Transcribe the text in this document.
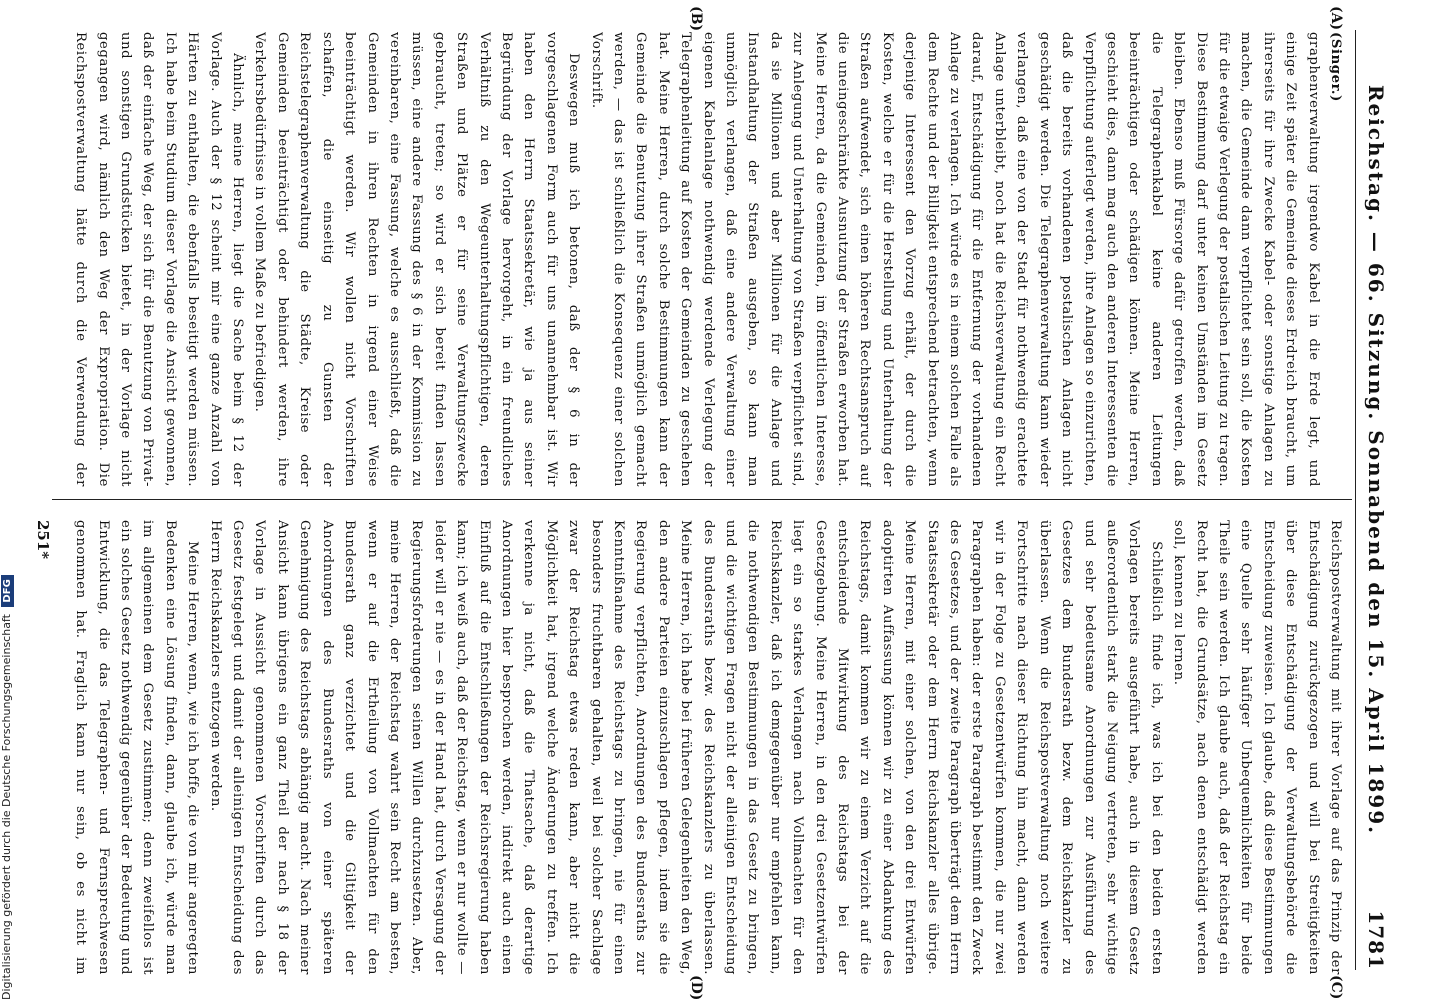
Reichstag. — 66. Sitzung. Sonnabend den 15. April 1899.
1781
(A)
(B)
(C)
(D)
(Singer.)

graphenverwaltung irgendwo Kabel in die Erde legt, und einige Zeit später die Gemeinde dieses Erdreich braucht, um ihrerseits für ihre Zwecke Kabel- oder sonstige Anlagen zu machen, die Gemeinde dann verpflichtet sein soll, die Kosten für die etwaige Verlegung der postalischen Leitung zu tragen. Diese Bestimmung darf unter keinen Umständen im Gesetz bleiben. Ebenso muß Fürsorge dafür getroffen werden, daß die Telegraphenkabel keine anderen Leitungen beeinträchtigen oder schädigen können. Meine Herren, geschieht dies, dann mag auch den anderen Interessenten die Verpflichtung auferlegt werden, ihre Anlagen so einzurichten, daß die bereits vorhandenen postalischen Anlagen nicht geschädigt werden. Die Telegraphenverwaltung kann wieder verlangen, daß eine von der Stadt für nothwendig erachtete Anlage unterbleibt, noch hat die Reichsverwaltung ein Recht darauf, Entschädigung für die Entfernung der vorhandenen Anlage zu verlangen. Ich würde es in einem solchen Falle als dem Rechte und der Billigkeit entsprechend betrachten, wenn derjenige Interessent den Vorzug erhält, der durch die Kosten, welche er für die Herstellung und Unterhaltung der Straßen aufwendet, sich einen höheren Rechtsanspruch auf die uneingeschränkte Ausnutzung der Straßen erworben hat. Meine Herren, da die Gemeinden, im öffentlichen Interesse, zur Anlegung und Unterhaltung von Straßen verpflichtet sind, da sie Millionen und aber Millionen für die Anlage und Instandhaltung der Straßen ausgeben, so kann man unmöglich verlangen, daß eine andere Verwaltung einer eigenen Kabelanlage nothwendig werdende Verlegung der Telegraphenleitung auf Kosten der Gemeinden zu geschehen hat. Meine Herren, durch solche Bestimmungen kann der Gemeinde die Benutzung ihrer Straßen unmöglich gemacht werden, — das ist schließlich die Konsequenz einer solchen Vorschrift.

Deswegen muß ich betonen, daß der § 6 in der vorgeschlagenen Form auch für uns unannehmbar ist. Wir haben den Herrn Staatssekretär, wie ja aus seiner Begründung der Vorlage hervorgeht, in ein freundliches Verhältniß zu den Wegeunterhaltungspflichtigen, deren Straßen und Plätze er für seine Verwaltungszwecke gebraucht, treten; so wird er sich bereit finden lassen müssen, eine andere Fassung des § 6 in der Kommission zu vereinbaren, eine Fassung, welche es ausschließt, daß die Gemeinden in ihren Rechten in irgend einer Weise beeinträchtigt werden. Wir wollen nicht Vorschriften schaffen, die einseitig zu Gunsten der Reichstelegraphenverwaltung die Städte, Kreise oder Gemeinden beeinträchtigt oder behindert werden, ihre Verkehrsbedürfnisse in vollem Maße zu befriedigen.

Ähnlich, meine Herren, liegt die Sache beim § 12 der Vorlage. Auch der § 12 scheint mir eine ganze Anzahl von Härten zu enthalten, die ebenfalls beseitigt werden müssen. Ich habe beim Studium dieser Vorlage die Ansicht gewonnen, daß der einfache Weg, der sich für die Benutzung von Privat- und sonstigen Grundstücken bietet, in der Vorlage nicht gegangen wird, nämlich den Weg der Expropriation. Die Reichspostverwaltung hätte durch die Verwendung der

Reichspostverwaltung mit ihrer Vorlage auf das Prinzip der Entschädigung zurückgezogen und will bei Streitigkeiten über diese Entschädigung der Verwaltungsbehörde die Entscheidung zuweisen. Ich glaube, daß diese Bestimmungen eine Quelle sehr häufiger Unbequemlichkeiten für beide Theile sein werden. Ich glaube auch, daß der Reichstag ein Recht hat, die Grundsätze, nach denen entschädigt werden soll, kennen zu lernen.

Schließlich finde ich, was ich bei den beiden ersten Vorlagen bereits ausgeführt habe, auch in diesem Gesetz außerordentlich stark die Neigung vertreten, sehr wichtige und sehr bedeutsame Anordnungen zur Ausführung des Gesetzes dem Bundesrath bezw. dem Reichskanzler zu überlassen. Wenn die Reichspostverwaltung noch weitere Fortschritte nach dieser Richtung hin macht, dann werden wir in der Folge zu Gesetzentwürfen kommen, die nur zwei Paragraphen haben: der erste Paragraph bestimmt den Zweck des Gesetzes, und der zweite Paragraph überträgt dem Herrn Staatssekretär oder dem Herrn Reichskanzler alles übrige. Meine Herren, mit einer solchen, von den drei Entwürfen adoptirten Auffassung können wir zu einer Abdankung des Reichstags, damit kommen wir zu einem Verzicht auf die entscheidende Mitwirkung des Reichstags bei der Gesetzgebung. Meine Herren, in den drei Gesetzentwürfen liegt ein so starkes Verlangen nach Vollmachten für den Reichskanzler, daß ich demgegenüber nur empfehlen kann, die nothwendigen Bestimmungen in das Gesetz zu bringen, und die wichtigen Fragen nicht der alleinigen Entscheidung des Bundesraths bezw. des Reichskanzlers zu überlassen. Meine Herren, ich habe bei früheren Gelegenheiten den Weg, den andere Parteien einzuschlagen pflegen, indem sie die Regierung verpflichten, Anordnungen des Bundesraths zur Kenntnißnahme des Reichstags zu bringen, nie für einen besonders fruchtbaren gehalten, weil bei solcher Sachlage zwar der Reichstag etwas reden kann, aber nicht die Möglichkeit hat, irgend welche Änderungen zu treffen. Ich verkenne ja nicht, daß die Thatsache, daß derartige Anordnungen hier besprochen werden, indirekt auch einen Einfluß auf die Entschließungen der Reichsregierung haben kann; ich weiß auch, daß der Reichstag, wenn er nur wollte — leider will er nie — es in der Hand hat, durch Versagung der Regierungsforderungen seinen Willen durchzusetzen. Aber, meine Herren, der Reichstag wahrt sein Recht am besten, wenn er auf die Ertheilung von Vollmachten für den Bundesrath ganz verzichtet und die Giltigkeit der Anordnungen des Bundesraths von einer späteren Genehmigung des Reichstags abhängig macht. Nach meiner Ansicht kann übrigens ein ganz Theil der nach § 18 der Vorlage in Aussicht genommenen Vorschriften durch das Gesetz festgelegt und damit der alleinigen Entscheidung des Herrn Reichskanzlers entzogen werden.

Meine Herren, wenn, wie ich hoffe, die von mir angeregten Bedenken eine Lösung finden, dann, glaube ich, würde man im allgemeinen dem Gesetz zustimmen; denn zweifellos ist ein solches Gesetz nothwendig gegenüber der Bedeutung und Entwicklung, die das Telegraphen- und Fernsprechwesen genommen hat. Fraglich kann nur sein, ob es nicht im

251*
Digitalisierung gefördert durch die Deutsche Forschungsgemeinschaft DFG
